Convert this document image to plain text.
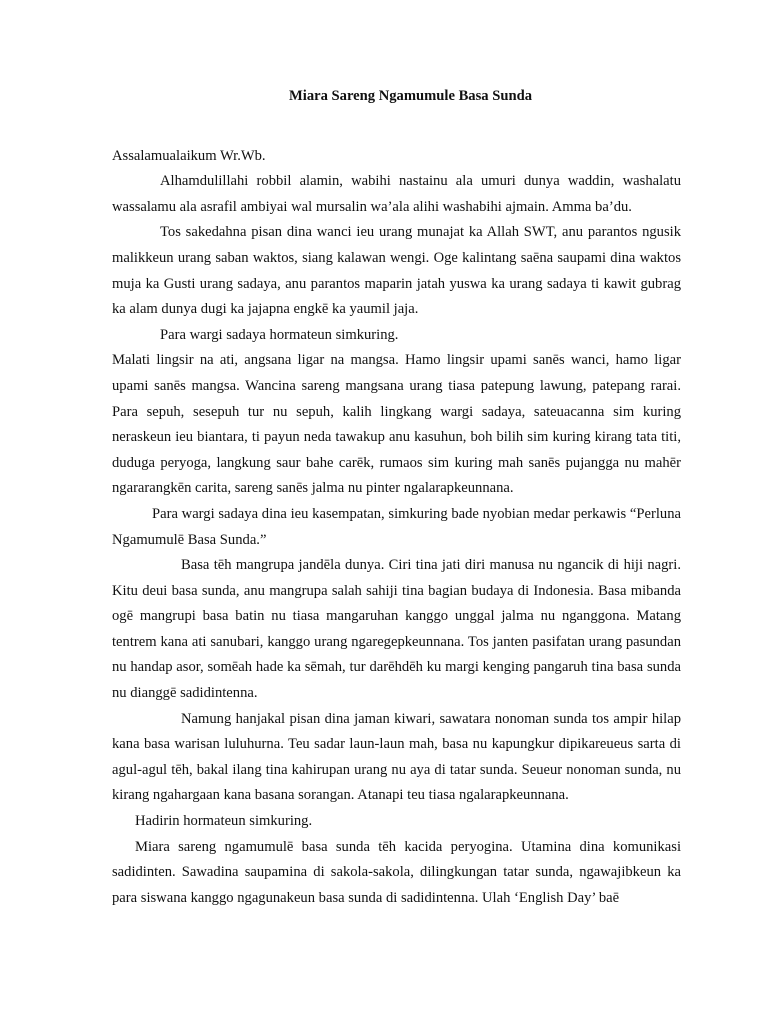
Miara Sareng Ngamumule Basa Sunda

Assalamualaikum Wr.Wb.

Alhamdulillahi robbil alamin, wabihi nastainu ala umuri dunya waddin, washalatu wassalamu ala asrafil ambiyai wal mursalin wa’ala alihi washabihi ajmain. Amma ba’du.

Tos sakedahna pisan dina wanci ieu urang munajat ka Allah SWT, anu parantos ngusik malikkeun urang saban waktos, siang kalawan wengi. Oge kalintang saēna saupami dina waktos muja ka Gusti urang sadaya, anu parantos maparin jatah yuswa ka urang sadaya ti kawit gubrag ka alam dunya dugi ka jajapna engkē ka yaumil jaja.

Para wargi sadaya hormateun simkuring.

Malati lingsir na ati, angsana ligar na mangsa. Hamo lingsir upami sanēs wanci, hamo ligar upami sanēs mangsa. Wancina sareng mangsana urang tiasa patepung lawung, patepang rarai. Para sepuh, sesepuh tur nu sepuh, kalih lingkang wargi sadaya, sateuacanna sim kuring neraskeun ieu biantara, ti payun neda tawakup anu kasuhun, boh bilih sim kuring kirang tata titi, duduga peryoga, langkung saur bahe carēk, rumaos sim kuring mah sanēs pujangga nu mahēr ngararangkēn carita, sareng sanēs jalma nu pinter ngalarapkeunnana.

Para wargi sadaya dina ieu kasempatan, simkuring bade nyobian medar perkawis “Perluna Ngamumulē Basa Sunda.”

Basa tēh mangrupa jandēla dunya. Ciri tina jati diri manusa nu ngancik di hiji nagri. Kitu deui basa sunda, anu mangrupa salah sahiji tina bagian budaya di Indonesia. Basa mibanda ogē mangrupi basa batin nu tiasa mangaruhan kanggo unggal jalma nu nganggona. Matang tentrem kana ati sanubari, kanggo urang ngaregepkeunnana. Tos janten pasifatan urang pasundan nu handap asor, somēah hade ka sēmah, tur darēhdēh ku margi kenging pangaruh tina basa sunda nu dianggē sadidintenna.

Namung hanjakal pisan dina jaman kiwari, sawatara nonoman sunda tos ampir hilap kana basa warisan luluhurna. Teu sadar laun-laun mah, basa nu kapungkur dipikareueus sarta di agul-agul tēh, bakal ilang tina kahirupan urang nu aya di tatar sunda. Seueur nonoman sunda, nu kirang ngahargaan kana basana sorangan. Atanapi teu tiasa ngalarapkeunnana.

Hadirin hormateun simkuring.

Miara sareng ngamumulē basa sunda tēh kacida peryogina. Utamina dina komunikasi sadidinten. Sawadina saupamina di sakola-sakola, dilingkungan tatar sunda, ngawajibkeun ka para siswana kanggo ngagunakeun basa sunda di sadidintenna. Ulah ‘English Day’ baē
